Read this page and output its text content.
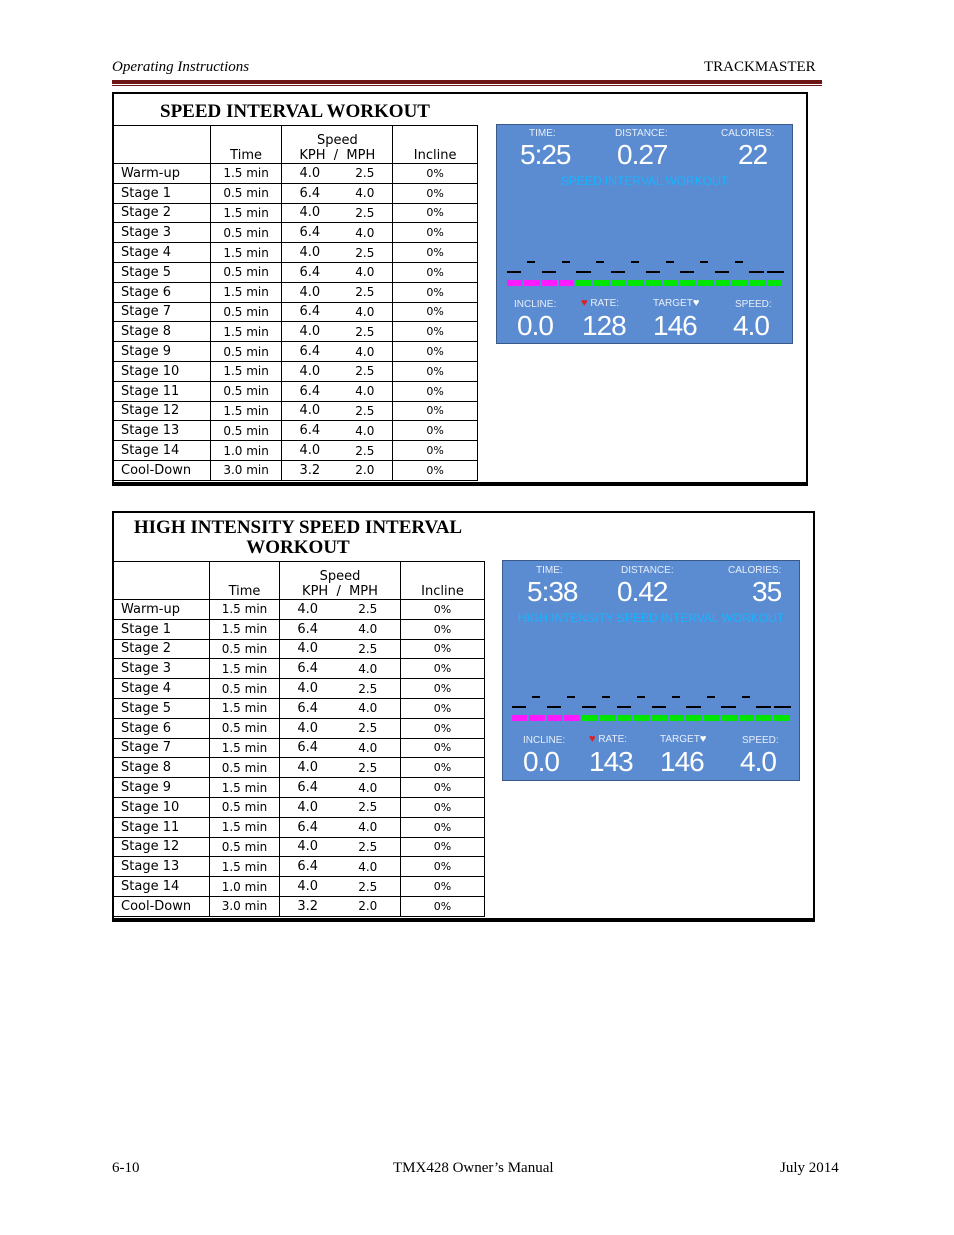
Operating Instructions	TRACKMASTER
SPEED INTERVAL WORKOUT
	Time	Speed
KPH  /  MPH		Incline
Warm-up	1.5 min	4.0	2.5	0%
Stage 1	0.5 min	6.4	4.0	0%
Stage 2	1.5 min	4.0	2.5	0%
Stage 3	0.5 min	6.4	4.0	0%
Stage 4	1.5 min	4.0	2.5	0%
Stage 5	0.5 min	6.4	4.0	0%
Stage 6	1.5 min	4.0	2.5	0%
Stage 7	0.5 min	6.4	4.0	0%
Stage 8	1.5 min	4.0	2.5	0%
Stage 9	0.5 min	6.4	4.0	0%
Stage 10	1.5 min	4.0	2.5	0%
Stage 11	0.5 min	6.4	4.0	0%
Stage 12	1.5 min	4.0	2.5	0%
Stage 13	0.5 min	6.4	4.0	0%
Stage 14	1.0 min	4.0	2.5	0%
Cool-Down	3.0 min	3.2	2.0	0%
TIME:	DISTANCE:	CALORIES:
5:25 0.27	22
SPEED INTERVAL WORKOUT
INCLINE: ♥ RATE:	TARGET♥	SPEED:
0.0 128 146 4.0
HIGH INTENSITY SPEED INTERVAL WORKOUT
	Time	Speed
KPH  /  MPH		Incline
Warm-up	1.5 min	4.0	2.5	0%
Stage 1	1.5 min	6.4	4.0	0%
Stage 2	0.5 min	4.0	2.5	0%
Stage 3	1.5 min	6.4	4.0	0%
Stage 4	0.5 min	4.0	2.5	0%
Stage 5	1.5 min	6.4	4.0	0%
Stage 6	0.5 min	4.0	2.5	0%
Stage 7	1.5 min	6.4	4.0	0%
Stage 8	0.5 min	4.0	2.5	0%
Stage 9	1.5 min	6.4	4.0	0%
Stage 10	0.5 min	4.0	2.5	0%
Stage 11	1.5 min	6.4	4.0	0%
Stage 12	0.5 min	4.0	2.5	0%
Stage 13	1.5 min	6.4	4.0	0%
Stage 14	1.0 min	4.0	2.5	0%
Cool-Down	3.0 min	3.2	2.0	0%
TIME:	DISTANCE:	CALORIES:
5:38 0.42	35
HIGH INTENSITY SPEED INTERVAL WORKOUT
INCLINE: ♥ RATE:	TARGET♥	SPEED:
0.0 143 146 4.0
6-10	TMX428 Owner’s Manual	July 2014
